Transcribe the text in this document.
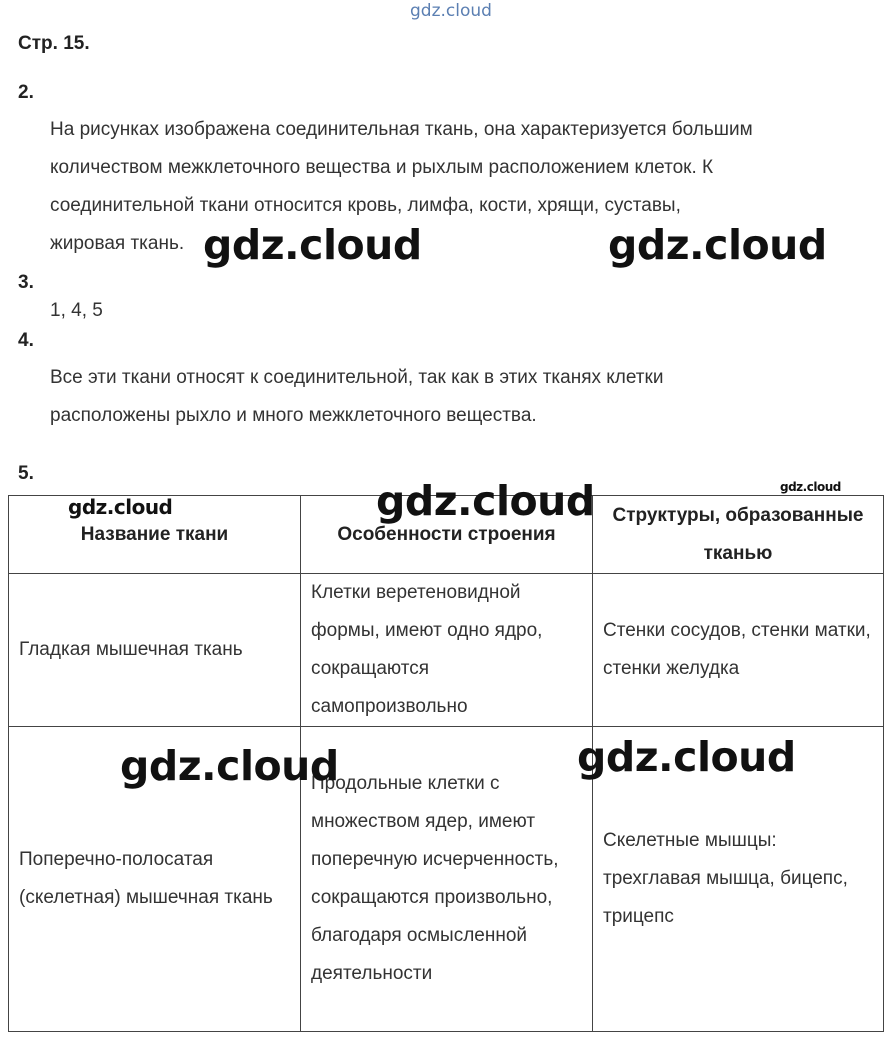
gdz.cloud
Стр. 15.
2.
На рисунках изображена соединительная ткань, она характеризуется большим
количеством межклеточного вещества и рыхлым расположением клеток. К
соединительной ткани относится кровь, лимфа, кости, хрящи, суставы,
жировая ткань.
3.
1, 4, 5
4.
Все эти ткани относят к соединительной, так как в этих тканях клетки
расположены рыхло и много межклеточного вещества.
5.
Название ткани	Особенности строения	Структуры, образованные тканью
Гладкая мышечная ткань	Клетки веретеновидной формы, имеют одно ядро, сокращаются самопроизвольно	Стенки сосудов, стенки матки, стенки желудка
Поперечно-полосатая (скелетная) мышечная ткань	Продольные клетки с множеством ядер, имеют поперечную исчерченность, сокращаются произвольно, благодаря осмысленной деятельности	Скелетные мышцы: трехглавая мышца, бицепс, трицепс
gdz.cloud	gdz.cloud
gdz.cloud
gdz.cloud
gdz.cloud
gdz.cloud	gdz.cloud
